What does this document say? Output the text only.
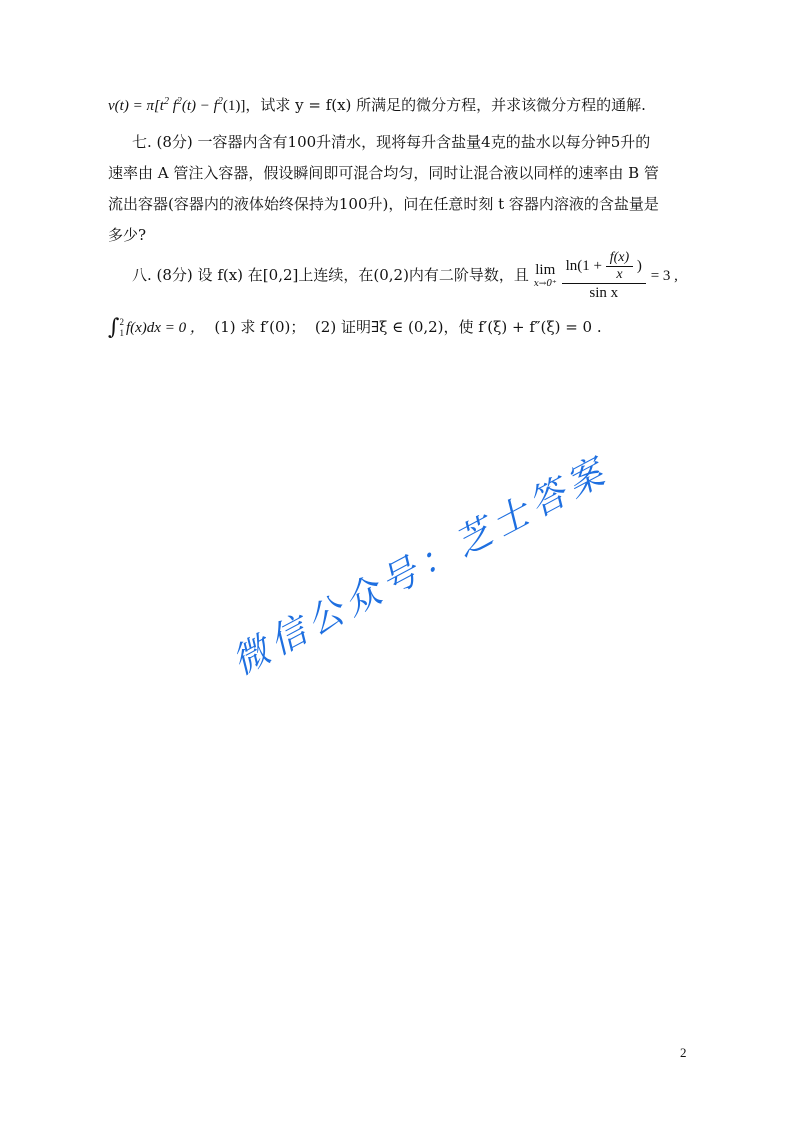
$v(t) = \pi[t^2$ $f^2(t) - f^2(1)$]，试求 y = f(x) 所满足的微分方程，并求该微分方程的通解.
七. (8分) 一容器内含有100升清水，现将每升含盐量4克的盐水以每分钟5升的
速率由 A 管注入容器，假设瞬间即可混合均匀，同时让混合液以同样的速率由 B 管
流出容器(容器内的液体始终保持为100升)，问在任意时刻 t 容器内溶液的含盐量是
多少?
八. (8分) 设 f(x) 在[0,2]上连续，在(0,2)内有二阶导数，且 lim
x→0⁺

$\ln(1 + \frac{f(x)}{x}$ )
sin x
= 3 ,
∫ 2
1 f(x)dx = 0 ， (1) 求 f′(0)； (2) 证明∃ξ ∈ (0,2)，使 f′(ξ) + f″(ξ) = 0 .
微信公众号：芝士答案
2
